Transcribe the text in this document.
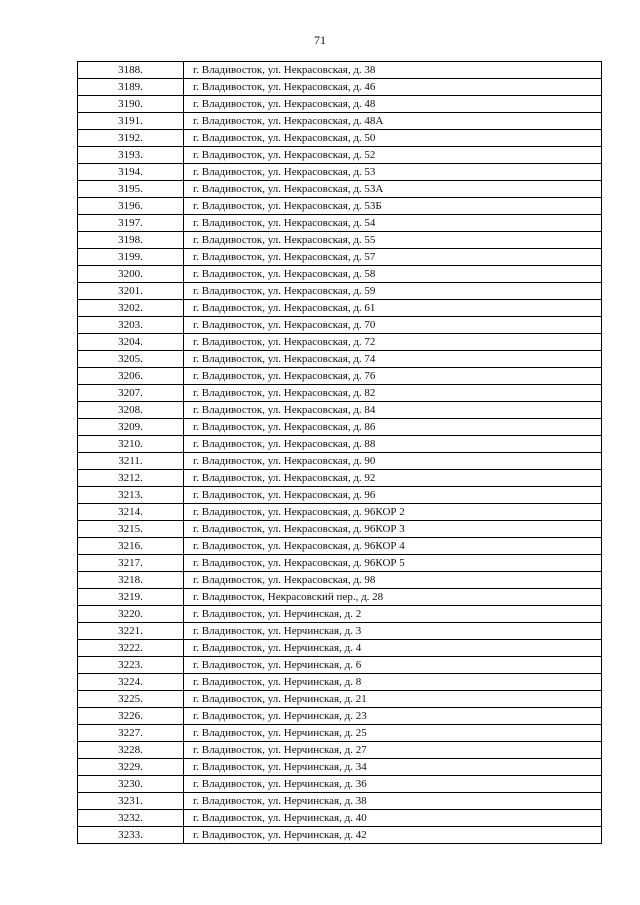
71
3188.	г. Владивосток, ул. Некрасовская, д. 38
3189.	г. Владивосток, ул. Некрасовская, д. 46
3190.	г. Владивосток, ул. Некрасовская, д. 48
3191.	г. Владивосток, ул. Некрасовская, д. 48А
3192.	г. Владивосток, ул. Некрасовская, д. 50
3193.	г. Владивосток, ул. Некрасовская, д. 52
3194.	г. Владивосток, ул. Некрасовская, д. 53
3195.	г. Владивосток, ул. Некрасовская, д. 53А
3196.	г. Владивосток, ул. Некрасовская, д. 53Б
3197.	г. Владивосток, ул. Некрасовская, д. 54
3198.	г. Владивосток, ул. Некрасовская, д. 55
3199.	г. Владивосток, ул. Некрасовская, д. 57
3200.	г. Владивосток, ул. Некрасовская, д. 58
3201.	г. Владивосток, ул. Некрасовская, д. 59
3202.	г. Владивосток, ул. Некрасовская, д. 61
3203.	г. Владивосток, ул. Некрасовская, д. 70
3204.	г. Владивосток, ул. Некрасовская, д. 72
3205.	г. Владивосток, ул. Некрасовская, д. 74
3206.	г. Владивосток, ул. Некрасовская, д. 76
3207.	г. Владивосток, ул. Некрасовская, д. 82
3208.	г. Владивосток, ул. Некрасовская, д. 84
3209.	г. Владивосток, ул. Некрасовская, д. 86
3210.	г. Владивосток, ул. Некрасовская, д. 88
3211.	г. Владивосток, ул. Некрасовская, д. 90
3212.	г. Владивосток, ул. Некрасовская, д. 92
3213.	г. Владивосток, ул. Некрасовская, д. 96
3214.	г. Владивосток, ул. Некрасовская, д. 96КОР 2
3215.	г. Владивосток, ул. Некрасовская, д. 96КОР 3
3216.	г. Владивосток, ул. Некрасовская, д. 96КОР 4
3217.	г. Владивосток, ул. Некрасовская, д. 96КОР 5
3218.	г. Владивосток, ул. Некрасовская, д. 98
3219.	г. Владивосток, Некрасовский пер., д. 28
3220.	г. Владивосток, ул. Нерчинская, д. 2
3221.	г. Владивосток, ул. Нерчинская, д. 3
3222.	г. Владивосток, ул. Нерчинская, д. 4
3223.	г. Владивосток, ул. Нерчинская, д. 6
3224.	г. Владивосток, ул. Нерчинская, д. 8
3225.	г. Владивосток, ул. Нерчинская, д. 21
3226.	г. Владивосток, ул. Нерчинская, д. 23
3227.	г. Владивосток, ул. Нерчинская, д. 25
3228.	г. Владивосток, ул. Нерчинская, д. 27
3229.	г. Владивосток, ул. Нерчинская, д. 34
3230.	г. Владивосток, ул. Нерчинская, д. 36
3231.	г. Владивосток, ул. Нерчинская, д. 38
3232.	г. Владивосток, ул. Нерчинская, д. 40
3233.	г. Владивосток, ул. Нерчинская, д. 42
